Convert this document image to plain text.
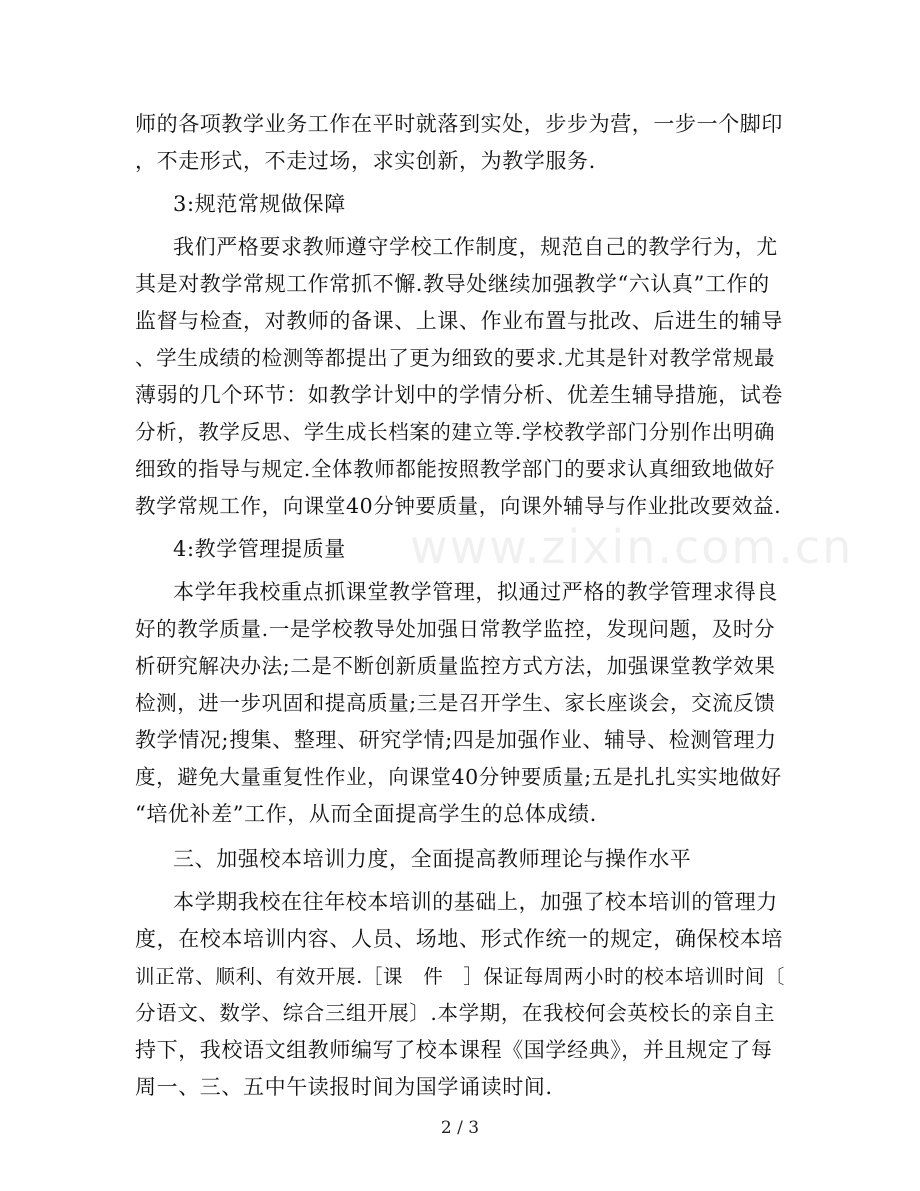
www.zixin.com.cn
师的各项教学业务工作在平时就落到实处，步步为营，一步一个脚印
，不走形式，不走过场，求实创新，为教学服务.
3:规范常规做保障
我们严格要求教师遵守学校工作制度，规范自己的教学行为，尤
其是对教学常规工作常抓不懈.教导处继续加强教学“六认真”工作的
监督与检查，对教师的备课、上课、作业布置与批改、后进生的辅导
、学生成绩的检测等都提出了更为细致的要求.尤其是针对教学常规最
薄弱的几个环节：如教学计划中的学情分析、优差生辅导措施，试卷
分析，教学反思、学生成长档案的建立等.学校教学部门分别作出明确
细致的指导与规定.全体教师都能按照教学部门的要求认真细致地做好
教学常规工作，向课堂40分钟要质量，向课外辅导与作业批改要效益.
4:教学管理提质量
本学年我校重点抓课堂教学管理，拟通过严格的教学管理求得良
好的教学质量.一是学校教导处加强日常教学监控，发现问题，及时分
析研究解决办法;二是不断创新质量监控方式方法，加强课堂教学效果
检测，进一步巩固和提高质量;三是召开学生、家长座谈会，交流反馈
教学情况;搜集、整理、研究学情;四是加强作业、辅导、检测管理力
度，避免大量重复性作业，向课堂40分钟要质量;五是扎扎实实地做好
“培优补差”工作，从而全面提高学生的总体成绩.
三、加强校本培训力度，全面提高教师理论与操作水平
本学期我校在往年校本培训的基础上，加强了校本培训的管理力
度，在校本培训内容、人员、场地、形式作统一的规定，确保校本培
训正常、顺利、有效开展.［课　件　］保证每周两小时的校本培训时间〔
分语文、数学、综合三组开展〕.本学期，在我校何会英校长的亲自主
持下，我校语文组教师编写了校本课程《国学经典》，并且规定了每
周一、三、五中午读报时间为国学诵读时间.
2 / 3
